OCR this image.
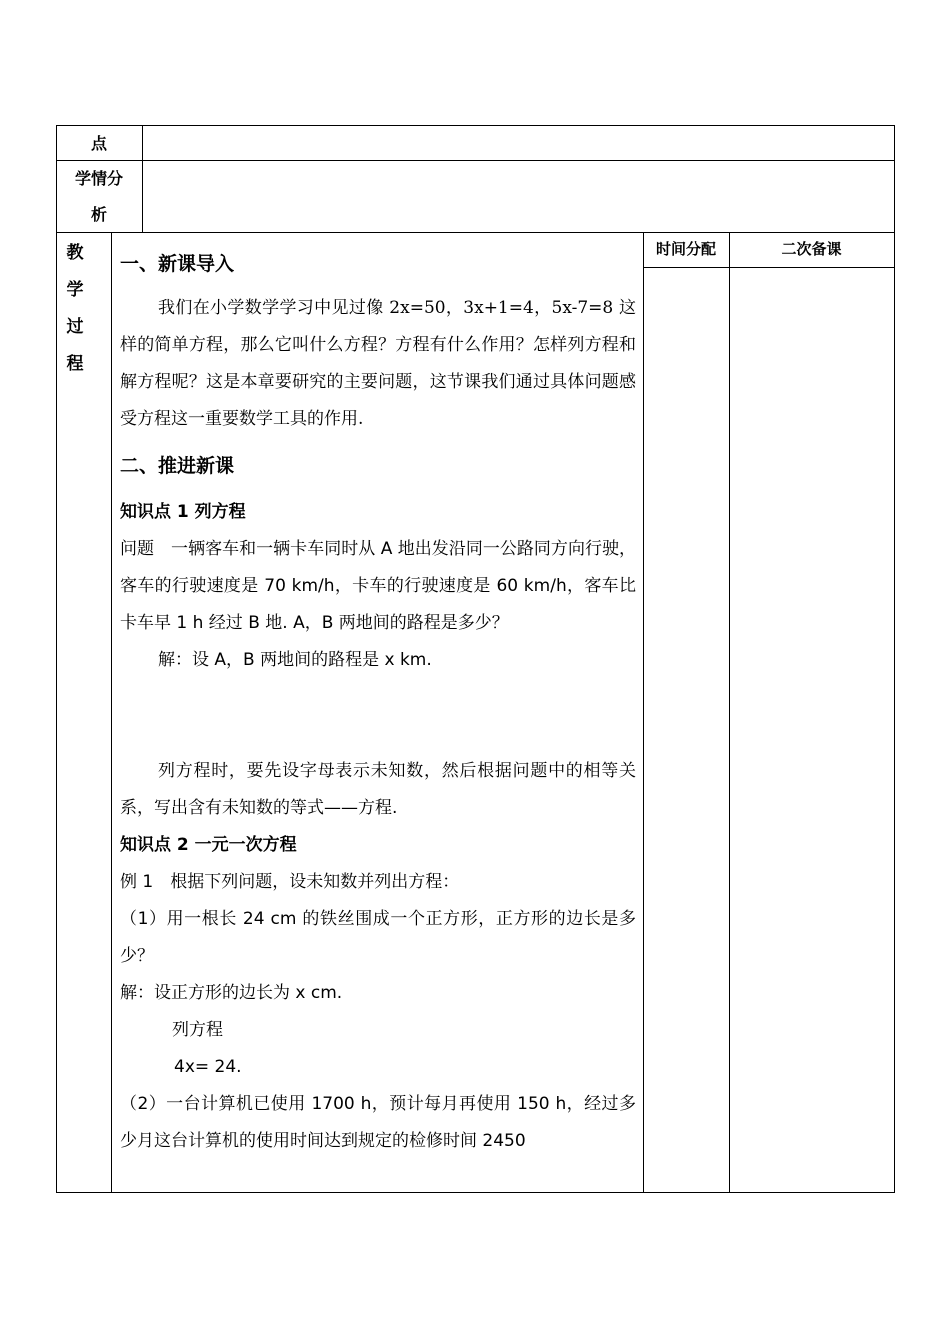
点
学情分
析
教
学
过
程
时间分配	二次备课

一、新课导入

我们在小学数学学习中见过像 2x=50，3x+1=4，5x-7=8 这样的简单方程，那么它叫什么方程？方程有什么作用？怎样列方程和解方程呢？这是本章要研究的主要问题，这节课我们通过具体问题感受方程这一重要数学工具的作用.

二、推进新课

知识点 1 列方程

问题　一辆客车和一辆卡车同时从 A 地出发沿同一公路同方向行驶，客车的行驶速度是 70 km/h，卡车的行驶速度是 60 km/h，客车比卡车早 1 h 经过 B 地. A，B 两地间的路程是多少？

解：设 A，B 两地间的路程是 x km.

列方程时，要先设字母表示未知数，然后根据问题中的相等关系，写出含有未知数的等式——方程.

知识点 2 一元一次方程

例 1　根据下列问题，设未知数并列出方程：

（1）用一根长 24 cm 的铁丝围成一个正方形，正方形的边长是多少？

解：设正方形的边长为 x cm.

列方程

4x= 24.

（2）一台计算机已使用 1700 h，预计每月再使用 150 h，经过多少月这台计算机的使用时间达到规定的检修时间 2450
